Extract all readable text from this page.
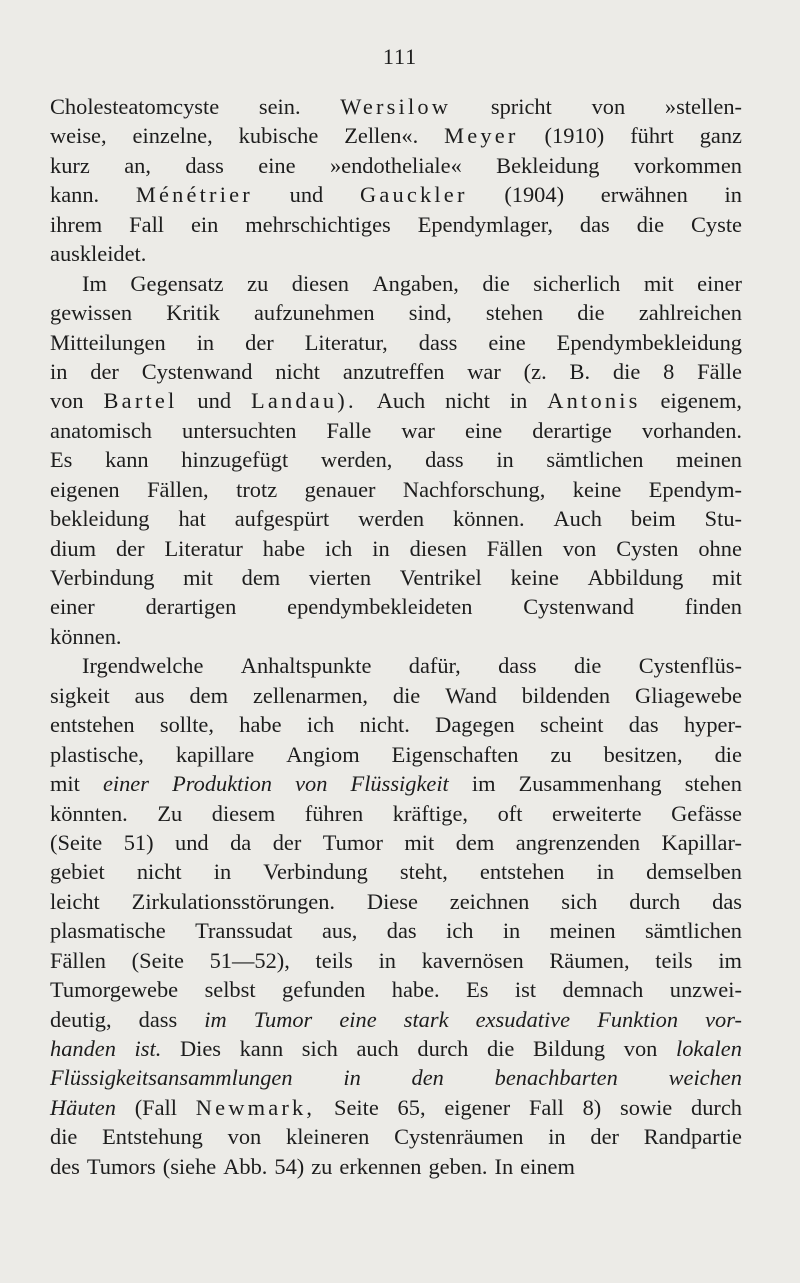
111
Cholesteatomcyste sein. Wersilow spricht von »stellen-
weise, einzelne, kubische Zellen«. Meyer (1910) führt ganz
kurz an, dass eine »endotheliale« Bekleidung vorkommen
kann. Ménétrier und Gauckler (1904) erwähnen in
ihrem Fall ein mehrschichtiges Ependymlager, das die Cyste
auskleidet.
Im Gegensatz zu diesen Angaben, die sicherlich mit einer
gewissen Kritik aufzunehmen sind, stehen die zahlreichen
Mitteilungen in der Literatur, dass eine Ependymbekleidung
in der Cystenwand nicht anzutreffen war (z. B. die 8 Fälle
von Bartel und Landau). Auch nicht in Antonis eigenem,
anatomisch untersuchten Falle war eine derartige vorhanden.
Es kann hinzugefügt werden, dass in sämtlichen meinen
eigenen Fällen, trotz genauer Nachforschung, keine Ependym-
bekleidung hat aufgespürt werden können. Auch beim Stu-
dium der Literatur habe ich in diesen Fällen von Cysten ohne
Verbindung mit dem vierten Ventrikel keine Abbildung mit
einer derartigen ependymbekleideten Cystenwand finden
können.
Irgendwelche Anhaltspunkte dafür, dass die Cystenflüs-
sigkeit aus dem zellenarmen, die Wand bildenden Gliagewebe
entstehen sollte, habe ich nicht. Dagegen scheint das hyper-
plastische, kapillare Angiom Eigenschaften zu besitzen, die
mit einer Produktion von Flüssigkeit im Zusammenhang stehen
könnten. Zu diesem führen kräftige, oft erweiterte Gefässe
(Seite 51) und da der Tumor mit dem angrenzenden Kapillar-
gebiet nicht in Verbindung steht, entstehen in demselben
leicht Zirkulationsstörungen. Diese zeichnen sich durch das
plasmatische Transsudat aus, das ich in meinen sämtlichen
Fällen (Seite 51—52), teils in kavernösen Räumen, teils im
Tumorgewebe selbst gefunden habe. Es ist demnach unzwei-
deutig, dass im Tumor eine stark exsudative Funktion vor-
handen ist. Dies kann sich auch durch die Bildung von lokalen
Flüssigkeitsansammlungen in den benachbarten weichen
Häuten (Fall Newmark, Seite 65, eigener Fall 8) sowie durch
die Entstehung von kleineren Cystenräumen in der Randpartie
des Tumors (siehe Abb. 54) zu erkennen geben. In einem
